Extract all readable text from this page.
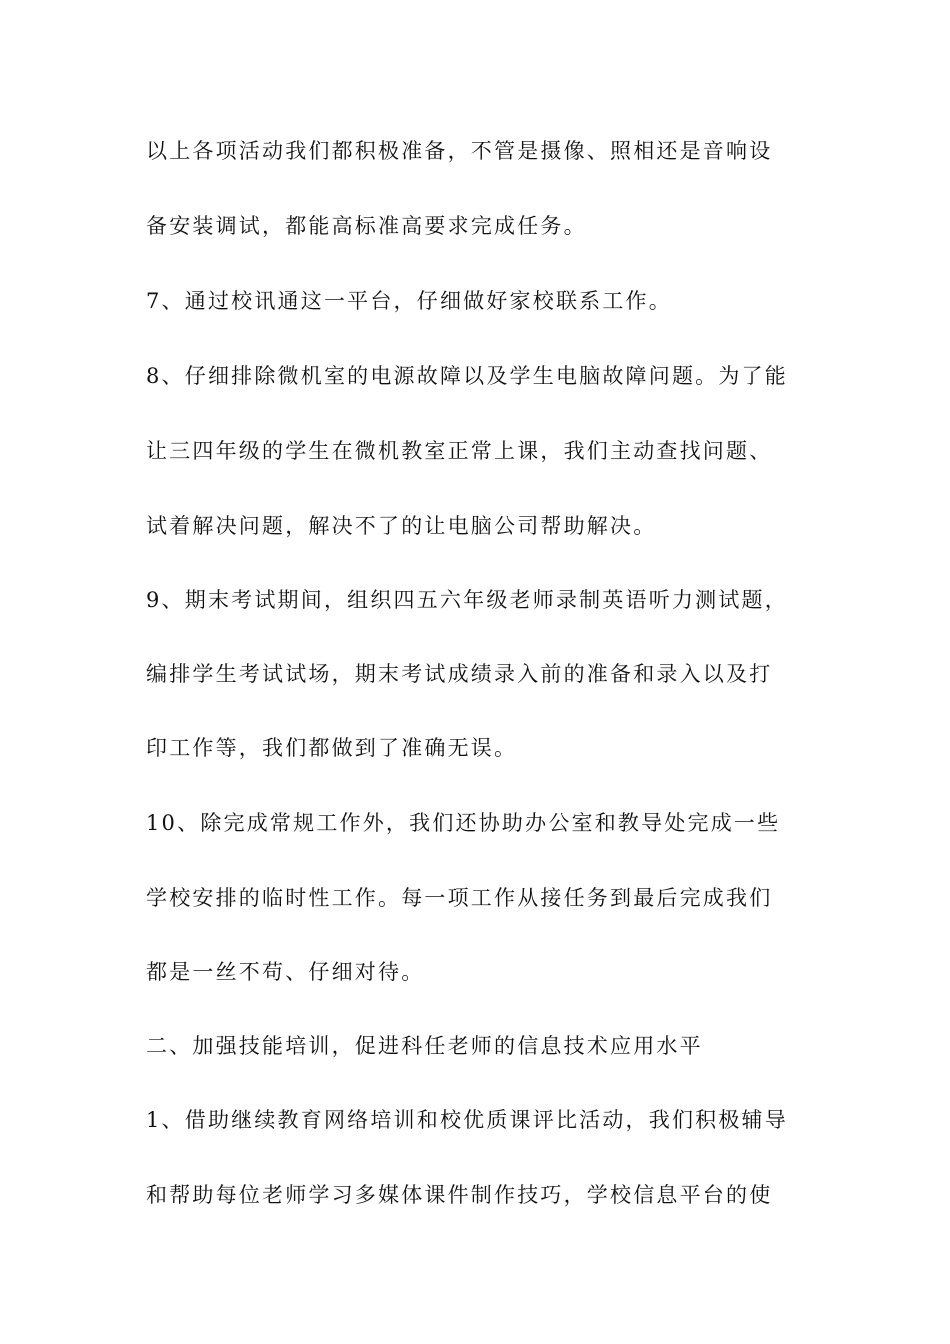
以上各项活动我们都积极准备，不管是摄像、照相还是音响设
备安装调试，都能高标准高要求完成任务。
7、通过校讯通这一平台，仔细做好家校联系工作。
8、仔细排除微机室的电源故障以及学生电脑故障问题。为了能
让三四年级的学生在微机教室正常上课，我们主动查找问题、
试着解决问题，解决不了的让电脑公司帮助解决。
9、期末考试期间，组织四五六年级老师录制英语听力测试题，
编排学生考试试场，期末考试成绩录入前的准备和录入以及打
印工作等，我们都做到了准确无误。
10、除完成常规工作外，我们还协助办公室和教导处完成一些
学校安排的临时性工作。每一项工作从接任务到最后完成我们
都是一丝不苟、仔细对待。
二、加强技能培训，促进科任老师的信息技术应用水平
1、借助继续教育网络培训和校优质课评比活动，我们积极辅导
和帮助每位老师学习多媒体课件制作技巧，学校信息平台的使
